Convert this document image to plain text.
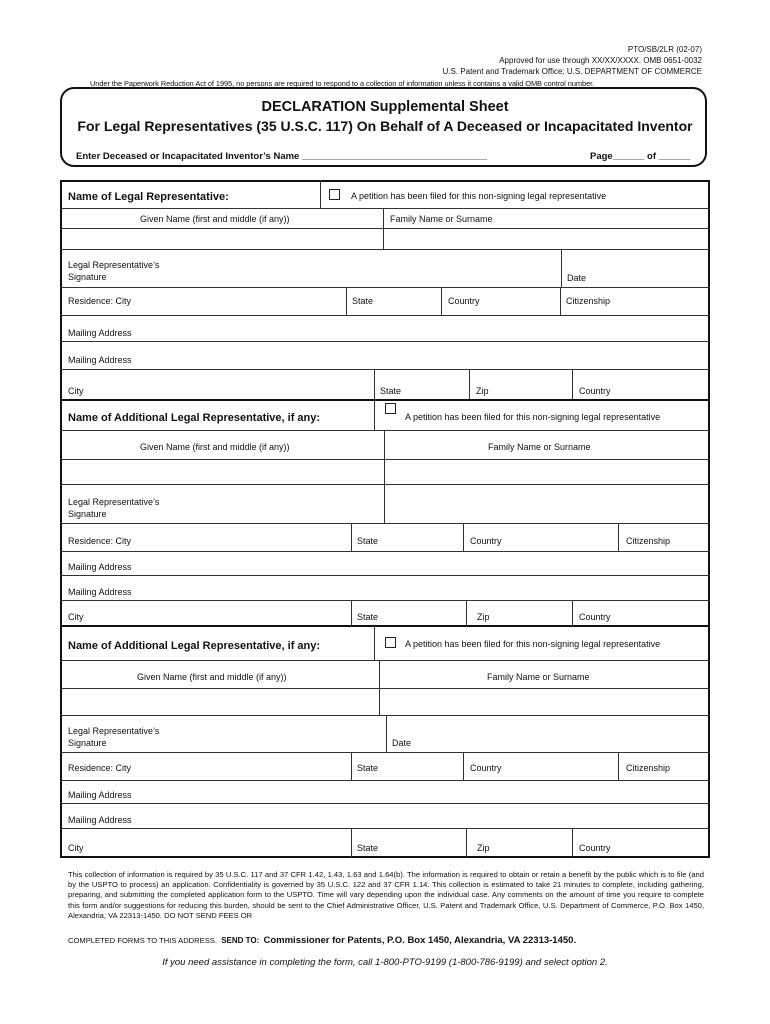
PTO/SB/2LR (02-07)
Approved for use through XX/XX/XXXX. OMB 0651-0032
U.S. Patent and Trademark Office; U.S. DEPARTMENT OF COMMERCE
Under the Paperwork Reduction Act of 1995, no persons are required to respond to a collection of information unless it contains a valid OMB control number.
DECLARATION Supplemental Sheet
For Legal Representatives (35 U.S.C. 117) On Behalf of A Deceased or Incapacitated Inventor
Enter Deceased or Incapacitated Inventor’s Name ___________________________________	Page______ of ______
Name of Legal Representative:	A petition has been filed for this non-signing legal representative
Given Name (first and middle (if any))	Family Name or Surname
Legal Representative’s
Signature	Date
Residence: City	State	Country	Citizenship
Mailing Address
Mailing Address
City	State	Zip	Country
Name of Additional Legal Representative, if any:	A petition has been filed for this non-signing legal representative
Given Name (first and middle (if any))	Family Name or Surname
Legal Representative’s
Signature
Residence: City	State	Country	Citizenship
Mailing Address
Mailing Address
City	State	Zip	Country
Name of Additional Legal Representative, if any:	A petition has been filed for this non-signing legal representative
Given Name (first and middle (if any))	Family Name or Surname
Legal Representative’s
Signature	Date
Residence: City	State	Country	Citizenship
Mailing Address
Mailing Address
City	State	Zip	Country
This collection of information is required by 35 U.S.C. 117 and 37 CFR 1.42, 1.43, 1.63 and 1.64(b). The information is required to obtain or retain a benefit by the public which is to file (and by the USPTO to process) an application. Confidentiality is governed by 35 U.S.C. 122 and 37 CFR 1.14. This collection is estimated to take 21 minutes to complete, including gathering, preparing, and submitting the completed application form to the USPTO. Time will vary depending upon the individual case. Any comments on the amount of time you require to complete this form and/or suggestions for reducing this burden, should be sent to the Chief Administrative Officer, U.S. Patent and Trademark Office, U.S. Department of Commerce, P.O. Box 1450, Alexandria, VA 22313-1450. DO NOT SEND FEES OR
COMPLETED FORMS TO THIS ADDRESS. SEND TO: Commissioner for Patents, P.O. Box 1450, Alexandria, VA 22313-1450.
If you need assistance in completing the form, call 1-800-PTO-9199 (1-800-786-9199) and select option 2.
